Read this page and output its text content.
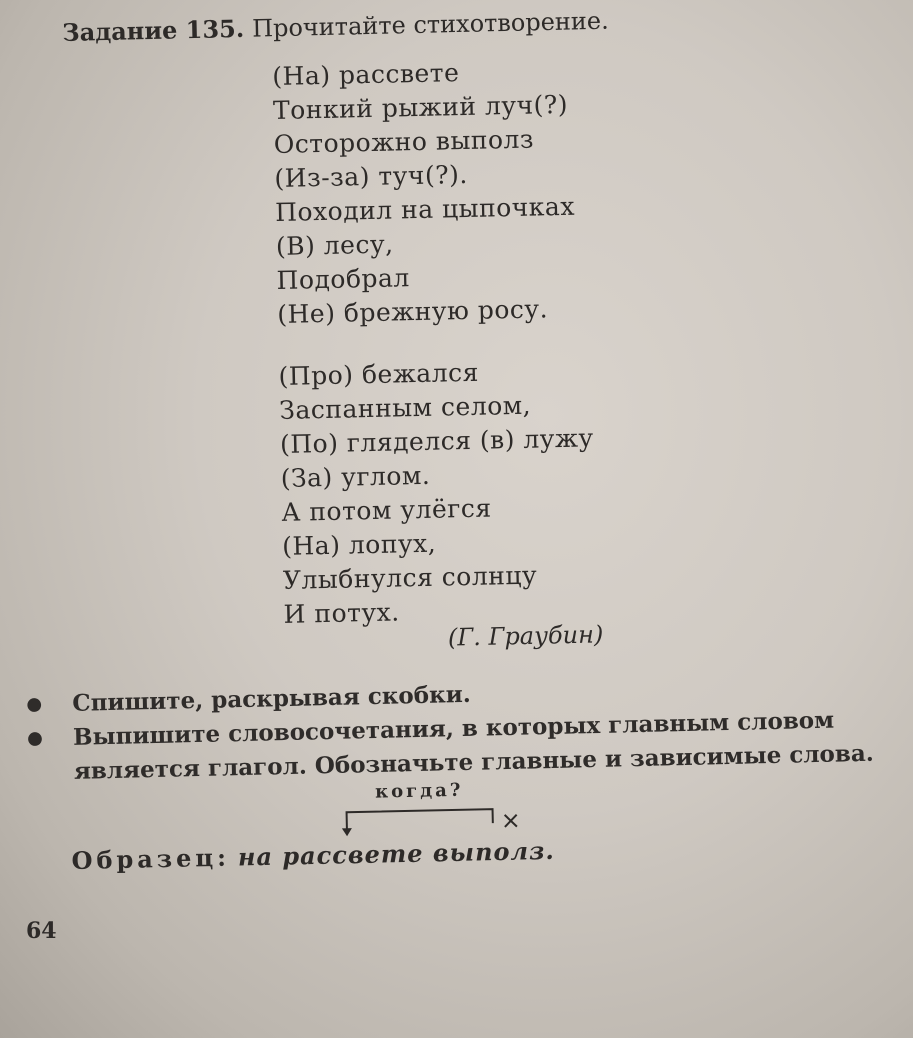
Задание 135. Прочитайте стихотворение.
(На) рассвете
Тонкий рыжий луч(?)
Осторожно выполз
(Из-за) туч(?).
Походил на цыпочках
(В) лесу,
Подобрал
(Не) брежную росу.
(Про) бежался
Заспанным селом,
(По) гляделся (в) лужу
(За) углом.
А потом улёгся
(На) лопух,
Улыбнулся солнцу
И потух.
(Г. Граубин)
●	Спишите, раскрывая скобки.
●	Выпишите словосочетания, в которых главным словом является глагол. Обозначьте главные и зависимые слова.
когда?
Образец: на рассвете выполз.
64
